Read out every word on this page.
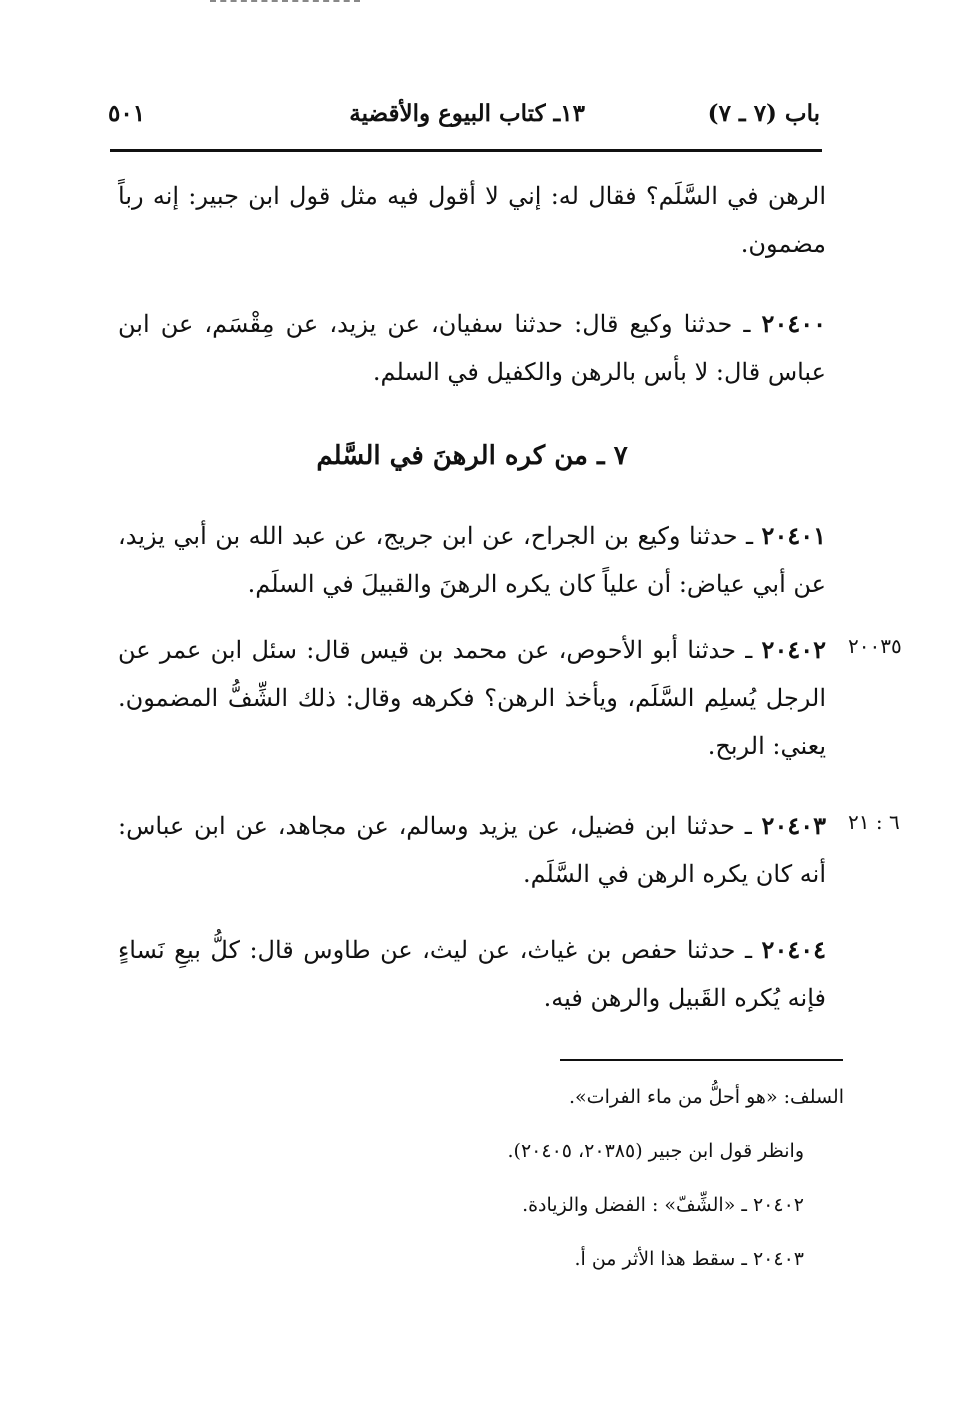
باب (٧ ـ ٧)
١٣ـ كتاب البيوع والأقضية
٥٠١
الرهن في السَّلَم؟ فقال له: إني لا أقول فيه مثل قول ابن جبير: إنه رباً مضمون.
٢٠٤٠٠ ـ حدثنا وكيع قال: حدثنا سفيان، عن يزيد، عن مِقْسَم، عن ابن عباس قال: لا بأس بالرهن والكفيل في السلم.
٧ ـ من كره الرهنَ في السَّلم
٢٠٤٠١ ـ حدثنا وكيع بن الجراح، عن ابن جريج، عن عبد الله بن أبي يزيد، عن أبي عياض: أن علياً كان يكره الرهنَ والقبيلَ في السلَم.
٢٠٠٣٥
٢٠٤٠٢ ـ حدثنا أبو الأحوص، عن محمد بن قيس قال: سئل ابن عمر عن الرجل يُسلِم السَّلَم، ويأخذ الرهن؟ فكرهه وقال: ذلك الشِّفُّ المضمون. يعني: الربح.
٦ : ٢١
٢٠٤٠٣ ـ حدثنا ابن فضيل، عن يزيد وسالم، عن مجاهد، عن ابن عباس: أنه كان يكره الرهن في السَّلَم.
٢٠٤٠٤ ـ حدثنا حفص بن غياث، عن ليث، عن طاوس قال: كلُّ بيعِ نَساءٍ فإنه يُكره القَبيل والرهن فيه.
السلف: «هو أحلُّ من ماء الفرات».
وانظر قول ابن جبير (٢٠٣٨٥، ٢٠٤٠٥).
٢٠٤٠٢ ـ «الشِّفّ» : الفضل والزيادة.
٢٠٤٠٣ ـ سقط هذا الأثر من أ.
